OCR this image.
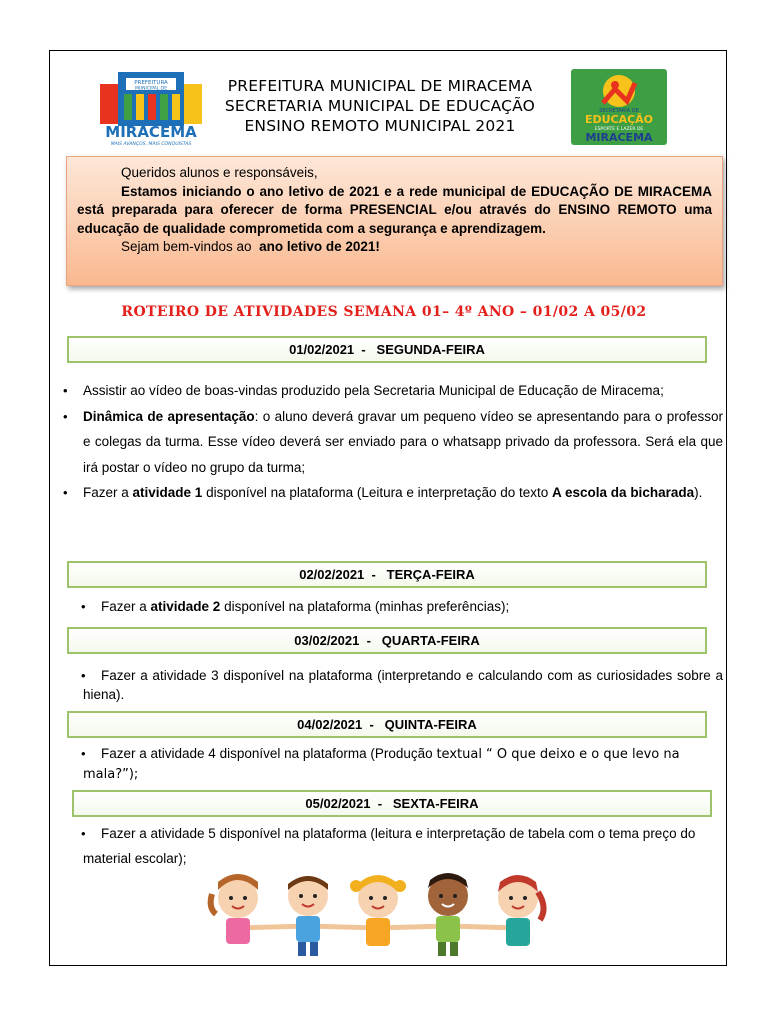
PREFEITURA
MUNICIPAL DE
MIRACEMA
MAIS AVANÇOS, MAIS CONQUISTAS
PREFEITURA MUNICIPAL DE MIRACEMA
SECRETARIA MUNICIPAL DE EDUCAÇÃO
ENSINO REMOTO MUNICIPAL 2021
SECRETARIA DE
EDUCAÇÃO
ESPORTE E LAZER DE
MIRACEMA

Queridos alunos e responsáveis,

Estamos iniciando o ano letivo de 2021 e a rede municipal de EDUCAÇÃO DE MIRACEMA está preparada para oferecer de forma PRESENCIAL e/ou através do ENSINO REMOTO uma educação de qualidade comprometida com a segurança e aprendizagem.

Sejam bem-vindos ao ano letivo de 2021!

ROTEIRO DE ATIVIDADES SEMANA 01– 4º ANO – 01/02 A 05/02
01/02/2021  -   SEGUNDA-FEIRA
• Assistir ao vídeo de boas-vindas produzido pela Secretaria Municipal de Educação de Miracema;
• Dinâmica de apresentação: o aluno deverá gravar um pequeno vídeo se apresentando para o professor e colegas da turma. Esse vídeo deverá ser enviado para o whatsapp privado da professora. Será ela que irá postar o vídeo no grupo da turma;
• Fazer a atividade 1 disponível na plataforma (Leitura e interpretação do texto A escola da bicharada).
02/02/2021  -   TERÇA-FEIRA
• Fazer a atividade 2 disponível na plataforma (minhas preferências);
03/02/2021  -   QUARTA-FEIRA
• Fazer a atividade 3 disponível na plataforma (interpretando e calculando com as curiosidades sobre a hiena).
04/02/2021  -   QUINTA-FEIRA
• Fazer a atividade 4 disponível na plataforma (Produção textual “ O que deixo e o que levo na mala?”);
05/02/2021  -   SEXTA-FEIRA
• Fazer a atividade 5 disponível na plataforma (leitura e interpretação de tabela com o tema preço do material escolar);
